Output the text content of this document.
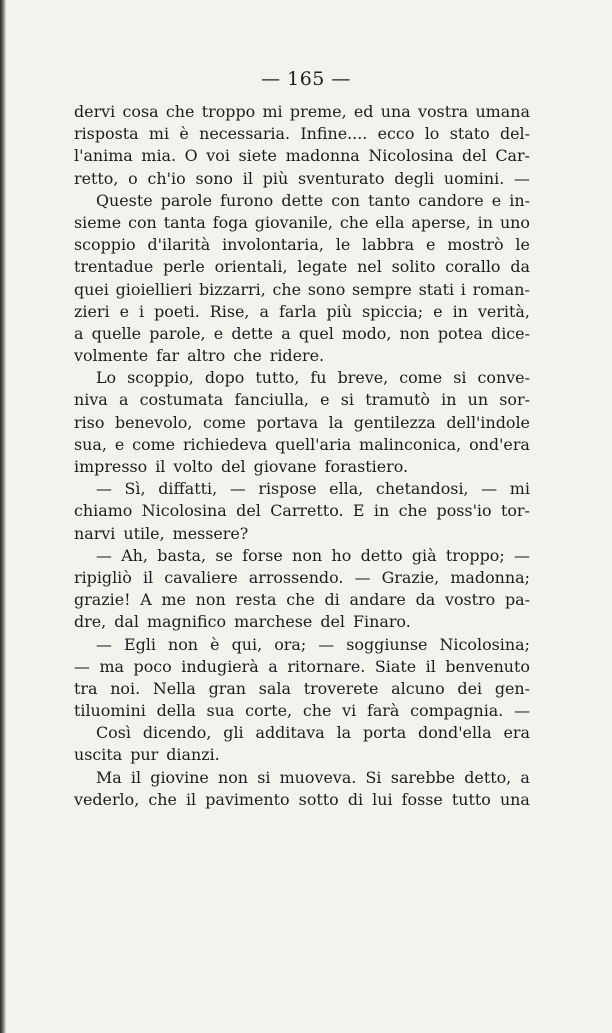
— 165 —
dervi cosa che troppo mi preme, ed una vostra umana
risposta mi è necessaria. Infine.... ecco lo stato del-
l'anima mia. O voi siete madonna Nicolosina del Car-
retto, o ch'io sono il più sventurato degli uomini. —
Queste parole furono dette con tanto candore e in-
sieme con tanta foga giovanile, che ella aperse, in uno
scoppio d'ilarità involontaria, le labbra e mostrò le
trentadue perle orientali, legate nel solito corallo da
quei gioiellieri bizzarri, che sono sempre stati i roman-
zieri e i poeti. Rise, a farla più spiccia; e in verità,
a quelle parole, e dette a quel modo, non potea dice-
volmente far altro che ridere.
Lo scoppio, dopo tutto, fu breve, come si conve-
niva a costumata fanciulla, e si tramutò in un sor-
riso benevolo, come portava la gentilezza dell'indole
sua, e come richiedeva quell'aria malinconica, ond'era
impresso il volto del giovane forastiero.
— Sì, diffatti, — rispose ella, chetandosi, — mi
chiamo Nicolosina del Carretto. E in che poss'io tor-
narvi utile, messere?
— Ah, basta, se forse non ho detto già troppo; —
ripigliò il cavaliere arrossendo. — Grazie, madonna;
grazie! A me non resta che di andare da vostro pa-
dre, dal magnifico marchese del Finaro.
— Egli non è qui, ora; — soggiunse Nicolosina;
— ma poco indugierà a ritornare. Siate il benvenuto
tra noi. Nella gran sala troverete alcuno dei gen-
tiluomini della sua corte, che vi farà compagnia. —
Così dicendo, gli additava la porta dond'ella era
uscita pur dianzi.
Ma il giovine non si muoveva. Si sarebbe detto, a
vederlo, che il pavimento sotto di lui fosse tutto una
